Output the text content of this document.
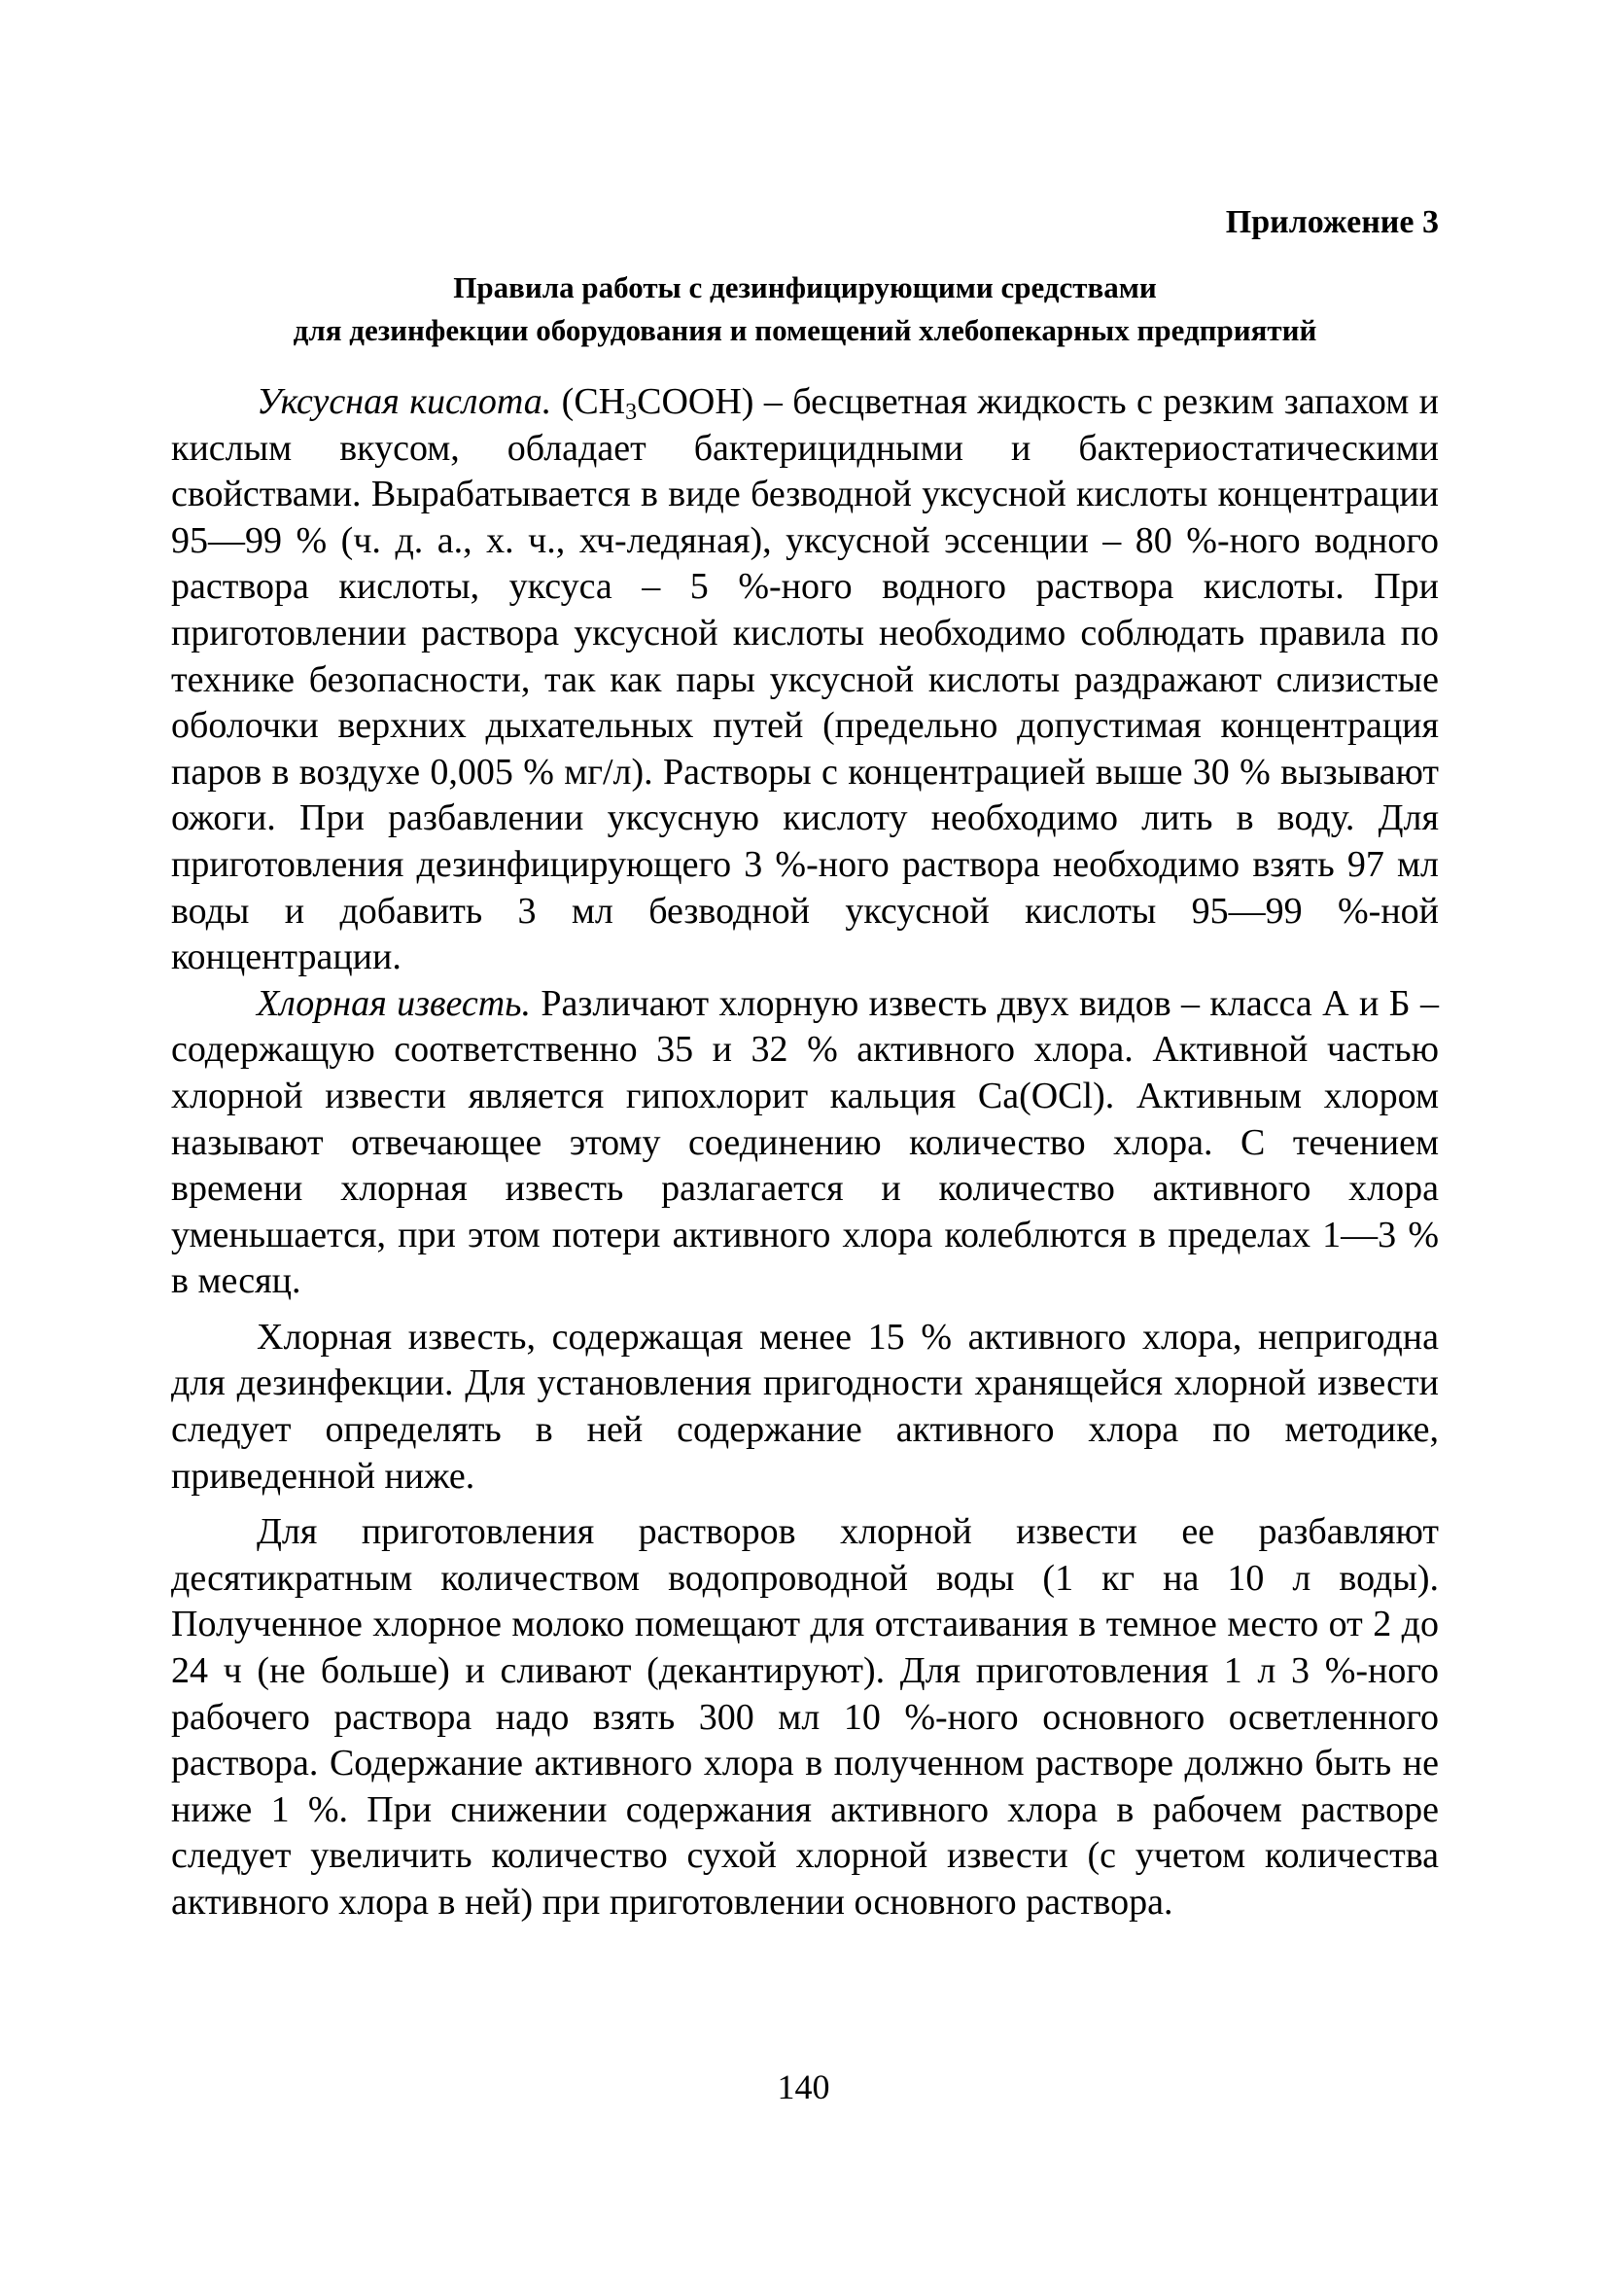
Приложение 3
Правила работы с дезинфицирующими средствами
для дезинфекции оборудования и помещений хлебопекарных предприятий

Уксусная кислота. $(CH_3COOH)$ – бесцветная жидкость с резким запахом и кислым вкусом, обладает бактерицидными и бактериостатическими свойствами. Вырабатывается в виде безводной уксусной кислоты концентрации 95—99 % (ч. д. а., х. ч., хч-ледяная), уксусной эссенции – 80 %-ного водного раствора кислоты, уксуса – 5 %-ного водного раствора кислоты. При приготовлении раствора уксусной кислоты необходимо соблюдать правила по технике безопасности, так как пары уксусной кислоты раздражают слизистые оболочки верхних дыхательных путей (предельно допустимая концентрация паров в воздухе 0,005 % мг/л). Растворы с концентрацией выше 30 % вызывают ожоги. При разбавлении уксусную кислоту необходимо лить в воду. Для приготовления дезинфицирующего 3 %-ного раствора необходимо взять 97 мл воды и добавить 3 мл безводной уксусной кислоты 95—99 %-ной концентрации.

Хлорная известь. Различают хлорную известь двух видов – класса А и Б – содержащую соответственно 35 и 32 % активного хлора. Активной частью хлорной извести является гипохлорит кальция Ca(OCl). Активным хлором называют отвечающее этому соединению количество хлора. С течением времени хлорная известь разлагается и количество активного хлора уменьшается, при этом потери активного хлора колеблются в пределах 1—3 % в месяц.

Хлорная известь, содержащая менее 15 % активного хлора, непригодна для дезинфекции. Для установления пригодности хранящейся хлорной извести следует определять в ней содержание активного хлора по методике, приведенной ниже.

Для приготовления растворов хлорной извести ее разбавляют десятикратным количеством водопроводной воды (1 кг на 10 л воды). Полученное хлорное молоко помещают для отстаивания в темное место от 2 до 24 ч (не больше) и сливают (декантируют). Для приготовления 1 л 3 %-ного рабочего раствора надо взять 300 мл 10 %-ного основного осветленного раствора. Содержание активного хлора в полученном растворе должно быть не ниже 1 %. При снижении содержания активного хлора в рабочем растворе следует увеличить количество сухой хлорной извести (с учетом количества активного хлора в ней) при приготовлении основного раствора.

140
